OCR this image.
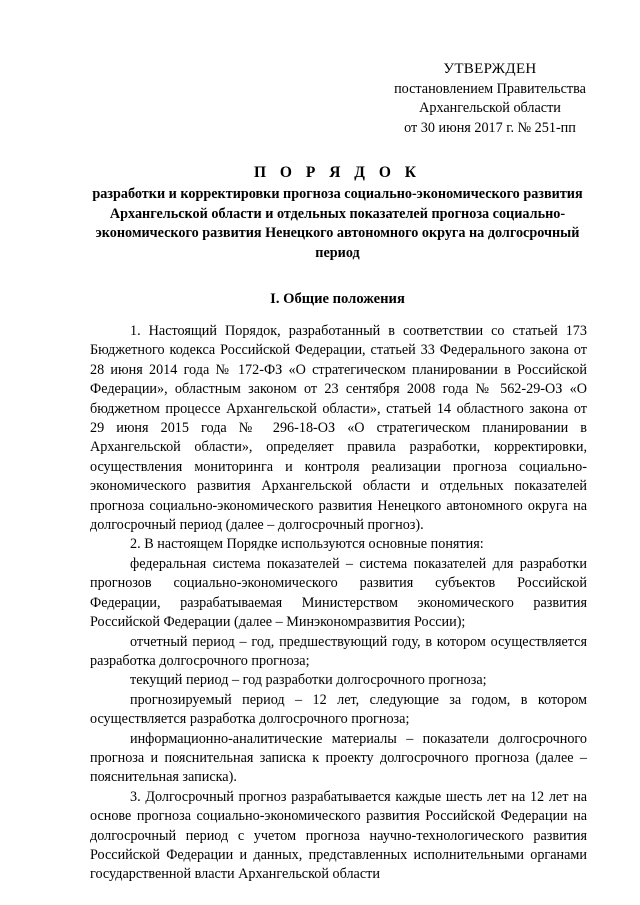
УТВЕРЖДЕН
постановлением Правительства
Архангельской области
от 30 июня 2017 г. № 251-пп
П О Р Я Д О К
разработки и корректировки прогноза социально-экономического развития Архангельской области и отдельных показателей прогноза социально-экономического развития Ненецкого автономного округа на долгосрочный период
I. Общие положения

1. Настоящий Порядок, разработанный в соответствии со статьей 173 Бюджетного кодекса Российской Федерации, статьей 33 Федерального закона от 28 июня 2014 года № 172-ФЗ «О стратегическом планировании в Российской Федерации», областным законом от 23 сентября 2008 года № 562-29-ОЗ «О бюджетном процессе Архангельской области», статьей 14 областного закона от 29 июня 2015 года № 296-18-ОЗ «О стратегическом планировании в Архангельской области», определяет правила разработки, корректировки, осуществления мониторинга и контроля реализации прогноза социально-экономического развития Архангельской области и отдельных показателей прогноза социально-экономического развития Ненецкого автономного округа на долгосрочный период (далее – долгосрочный прогноз).

2. В настоящем Порядке используются основные понятия:

федеральная система показателей – система показателей для разработки прогнозов социально-экономического развития субъектов Российской Федерации, разрабатываемая Министерством экономического развития Российской Федерации (далее – Минэкономразвития России);

отчетный период – год, предшествующий году, в котором осуществляется разработка долгосрочного прогноза;

текущий период – год разработки долгосрочного прогноза;

прогнозируемый период – 12 лет, следующие за годом, в котором осуществляется разработка долгосрочного прогноза;

информационно-аналитические материалы – показатели долгосрочного прогноза и пояснительная записка к проекту долгосрочного прогноза (далее – пояснительная записка).

3. Долгосрочный прогноз разрабатывается каждые шесть лет на 12 лет на основе прогноза социально-экономического развития Российской Федерации на долгосрочный период с учетом прогноза научно-технологического развития Российской Федерации и данных, представленных исполнительными органами государственной власти Архангельской области
